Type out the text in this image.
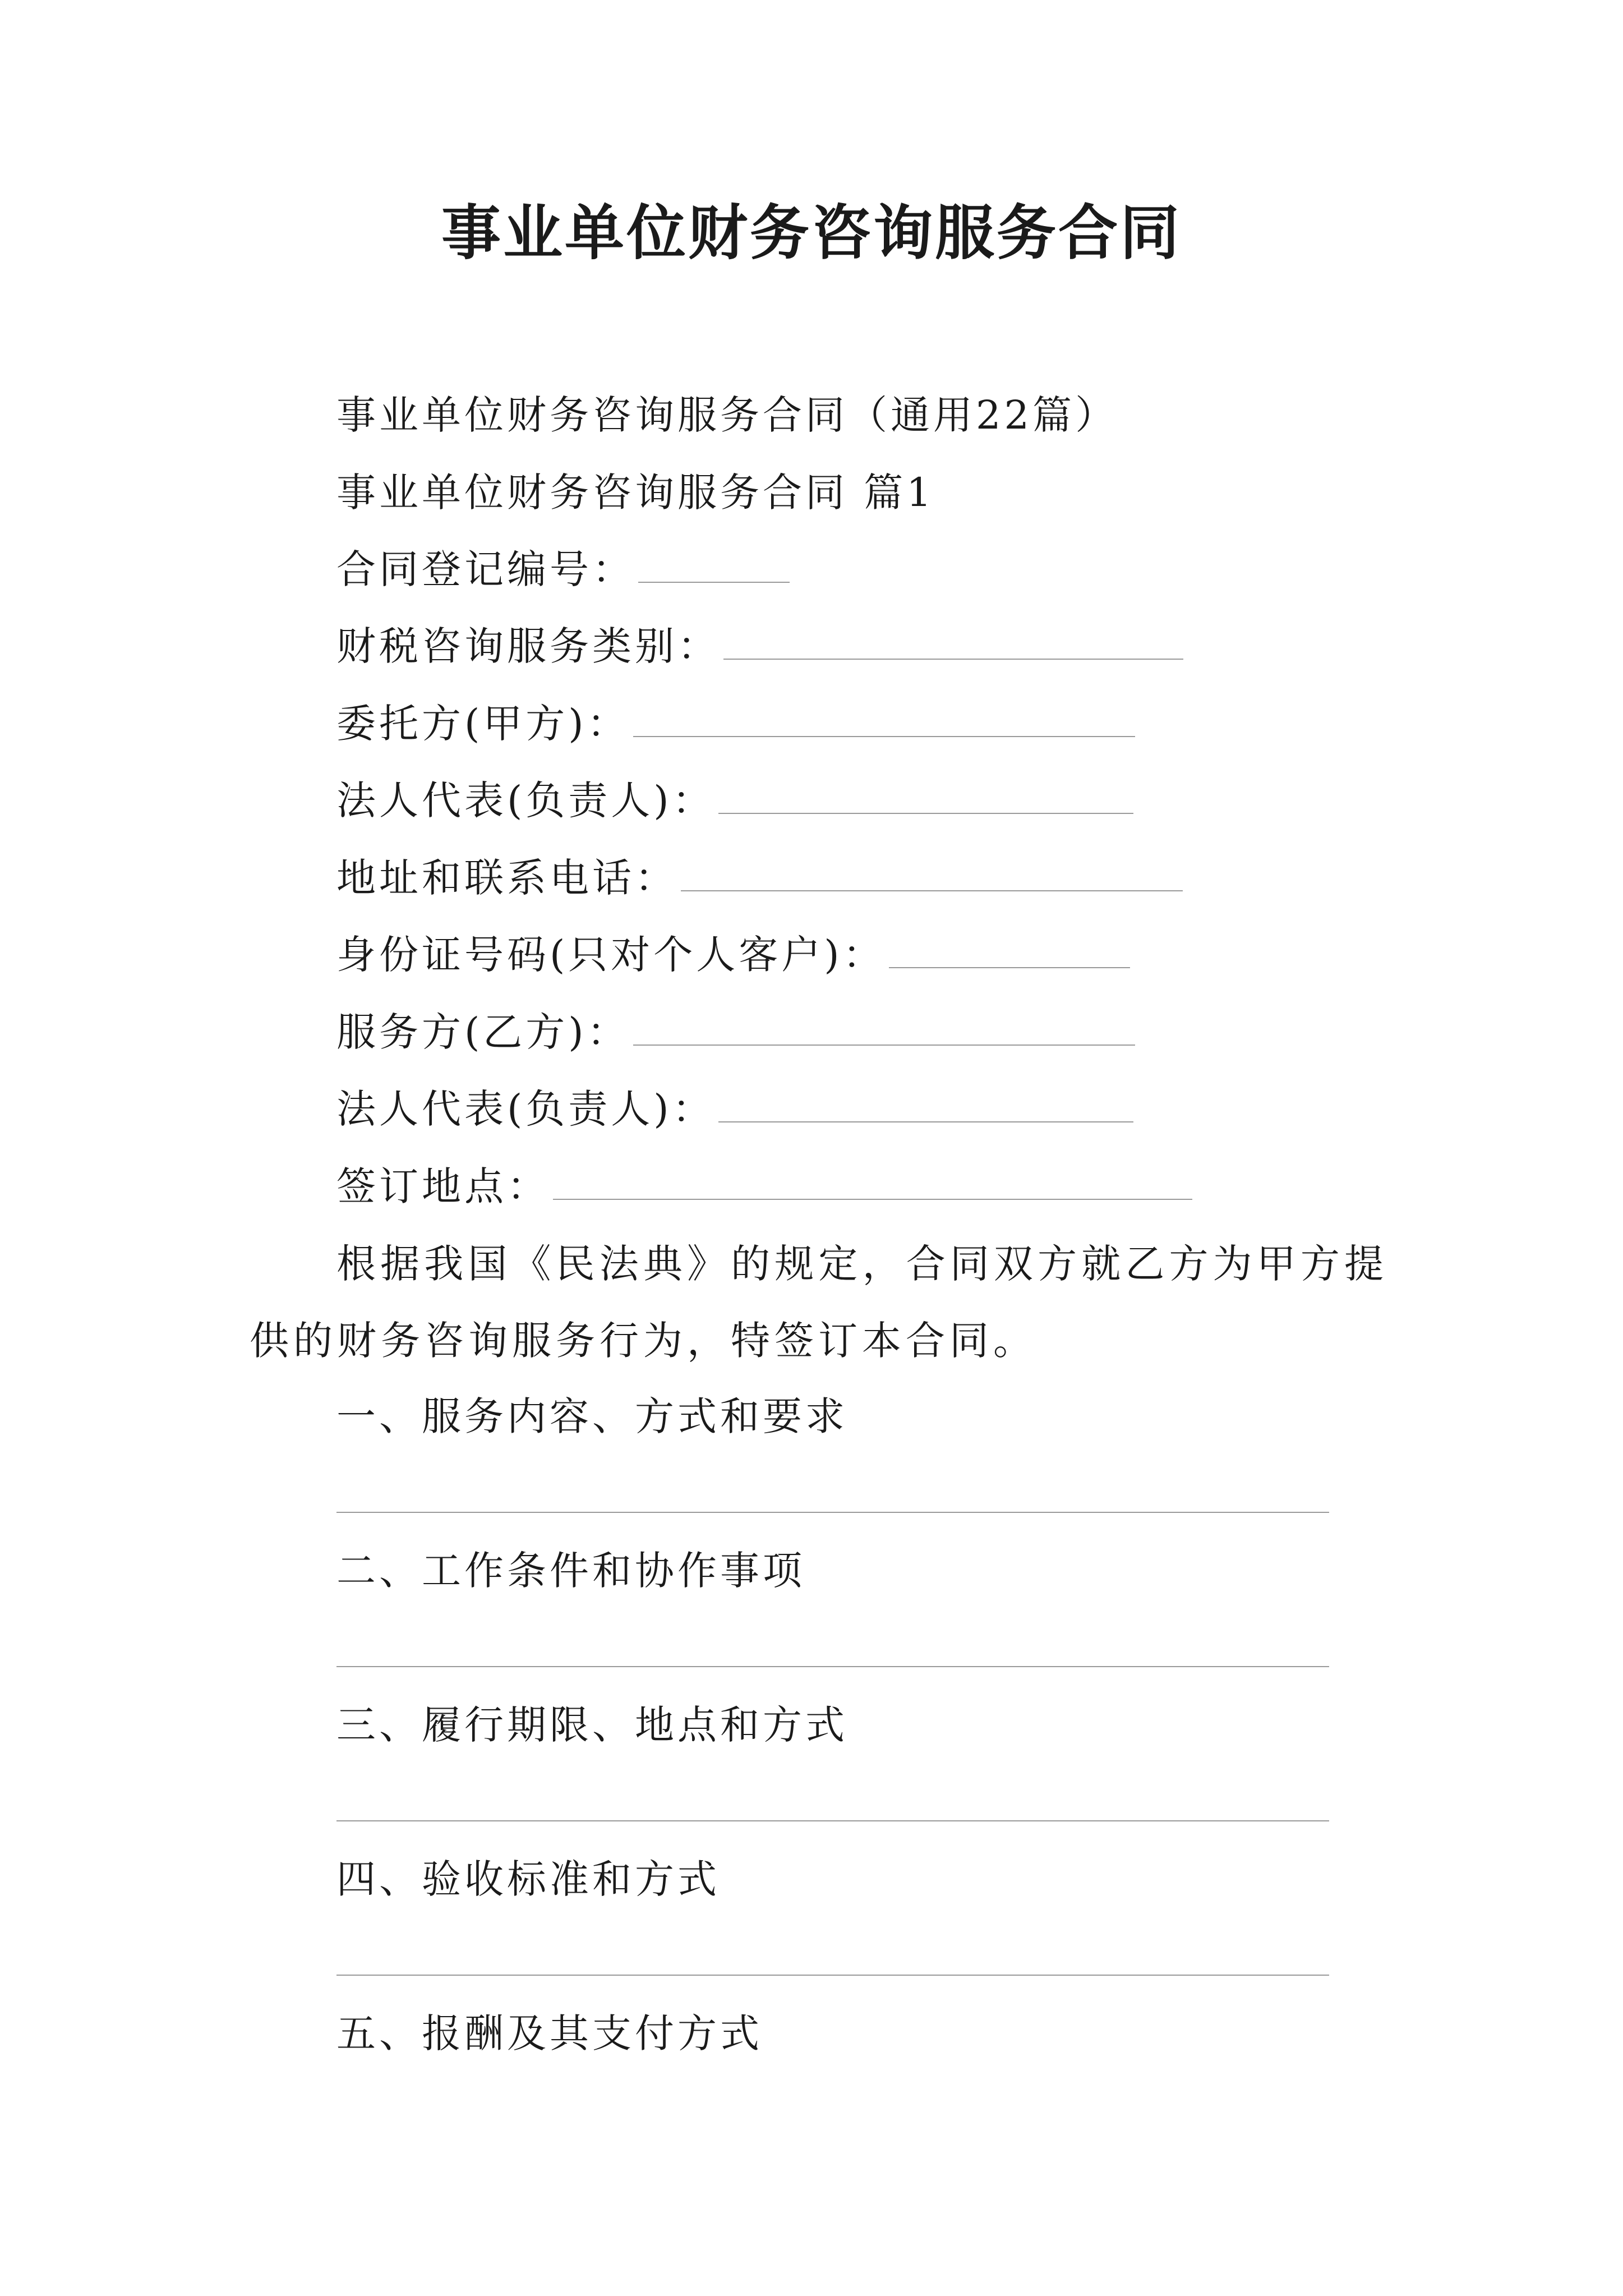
事业单位财务咨询服务合同
事业单位财务咨询服务合同（通用22篇）
事业单位财务咨询服务合同 篇1
合同登记编号：
财税咨询服务类别：
委托方(甲方)：
法人代表(负责人)：
地址和联系电话：
身份证号码(只对个人客户)：
服务方(乙方)：
法人代表(负责人)：
签订地点：
根据我国《民法典》的规定，合同双方就乙方为甲方提供的财务咨询服务行为，特签订本合同。
一、服务内容、方式和要求
二、工作条件和协作事项
三、履行期限、地点和方式
四、验收标准和方式
五、报酬及其支付方式
